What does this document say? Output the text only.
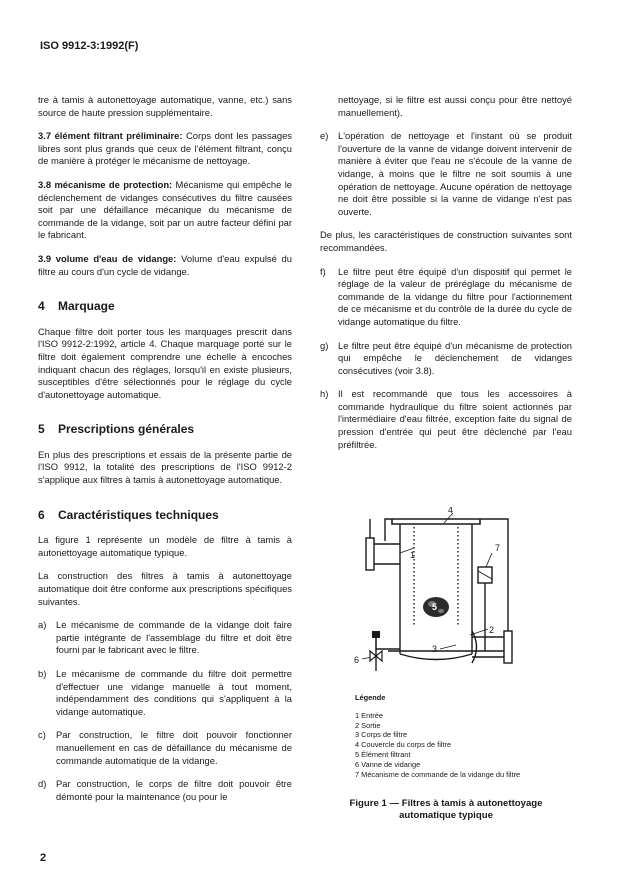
ISO 9912-3:1992(F)

tre à tamis à autonettoyage automatique, vanne, etc.) sans source de haute pression supplémentaire.

3.7 élément filtrant préliminaire: Corps dont les passages libres sont plus grands que ceux de l'élément filtrant, conçu de manière à protéger le mécanisme de nettoyage.
3.8 mécanisme de protection: Mécanisme qui empêche le déclenchement de vidanges consécutives du filtre causées soit par une défaillance mécanique du mécanisme de commande de la vidange, soit par un autre facteur défini par le fabricant.
3.9 volume d'eau de vidange: Volume d'eau expulsé du filtre au cours d'un cycle de vidange.
4 Marquage

Chaque filtre doit porter tous les marquages prescrit dans l'ISO 9912-2:1992, article 4. Chaque marquage porté sur le filtre doit également comprendre une échelle à encoches indiquant chacun des réglages, lorsqu'il en existe plusieurs, susceptibles d'être sélectionnés pour le réglage du cycle d'autonettoyage automatique.

5 Prescriptions générales

En plus des prescriptions et essais de la présente partie de l'ISO 9912, la totalité des prescriptions de l'ISO 9912-2 s'applique aux filtres à tamis à autonettoyage automatique.

6 Caractéristiques techniques

La figure 1 représente un modèle de filtre à tamis à autonettoyage automatique typique.

La construction des filtres à tamis à autonettoyage automatique doit être conforme aux prescriptions spécifiques suivantes.

a)	Le mécanisme de commande de la vidange doit faire partie intégrante de l'assemblage du filtre et doit être fourni par le fabricant avec le filtre.
b)	Le mécanisme de commande du filtre doit permettre d'effectuer une vidange manuelle à tout moment, indépendamment des conditions qui s'appliquent à la vidange automatique.
c)	Par construction, le filtre doit pouvoir fonctionner manuellement en cas de défaillance du mécanisme de commande automatique de la vidange.
d)	Par construction, le corps de filtre doit pouvoir être démonté pour la maintenance (ou pour le

nettoyage, si le filtre est aussi conçu pour être nettoyé manuellement).

e)	L'opération de nettoyage et l'instant où se produit l'ouverture de la vanne de vidange doivent intervenir de manière à éviter que l'eau ne s'écoule de la vanne de vidange, à moins que le filtre ne soit soumis à une opération de nettoyage. Aucune opération de nettoyage ne doit être possible si la vanne de vidange n'est pas ouverte.

De plus, les caractéristiques de construction suivantes sont recommandées.

f)	Le filtre peut être équipé d'un dispositif qui permet le réglage de la valeur de préréglage du mécanisme de commande de la vidange du filtre pour l'actionnement de ce mécanisme et du contrôle de la durée du cycle de vidange automatique du filtre.
g)	Le filtre peut être équipé d'un mécanisme de protection qui empêche le déclenchement de vidanges consécutives (voir 3.8).
h)	Il est recommandé que tous les accessoires à commande hydraulique du filtre soient actionnés par l'intermédiaire d'eau filtrée, exception faite du signal de pression d'entrée qui peut être déclenché par l'eau préfiltrée.
4
1
7
2
3
6
5
Légende
1 Entrée
2 Sortie
3 Corps de filtre
4 Couvercle du corps de filtre
5 Élément filtrant
6 Vanne de vidange
7 Mécanisme de commande de la vidange du filtre
Figure 1 — Filtres à tamis à autonettoyage automatique typique
2
